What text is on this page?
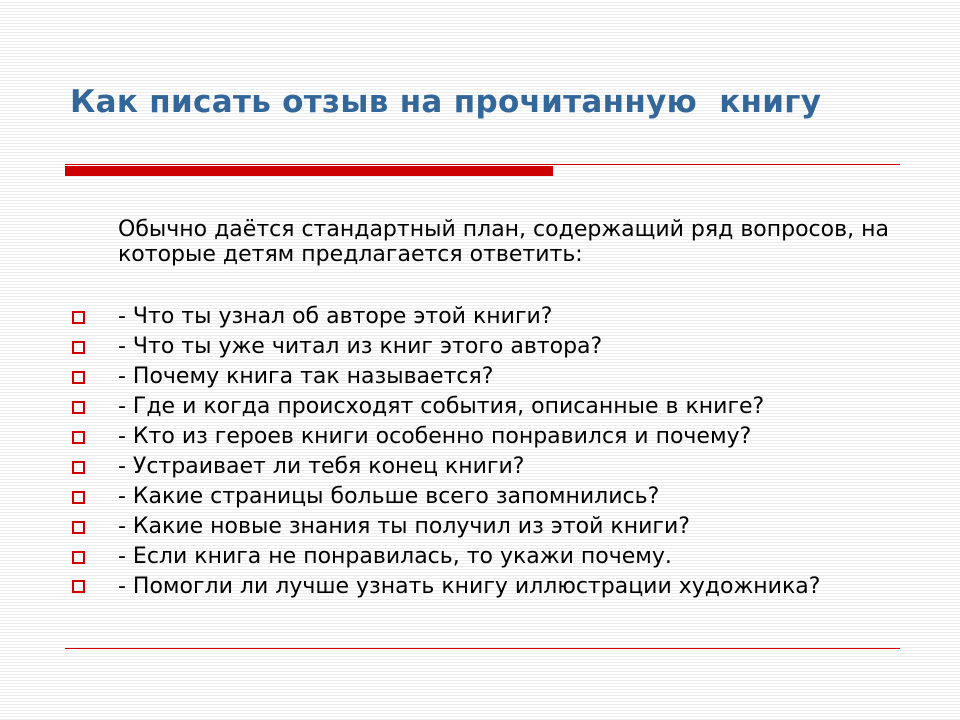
Как писать отзыв на прочитанную  книгу

Обычно даётся стандартный план, содержащий ряд вопросов, на которые детям предлагается ответить:

- Что ты узнал об авторе этой книги?
- Что ты уже читал из книг этого автора?
- Почему книга так называется?
- Где и когда происходят события, описанные в книге?
- Кто из героев книги особенно понравился и почему?
- Устраивает ли тебя конец книги?
- Какие страницы больше всего запомнились?
- Какие новые знания ты получил из этой книги?
- Если книга не понравилась, то укажи почему.
- Помогли ли лучше узнать книгу иллюстрации художника?
